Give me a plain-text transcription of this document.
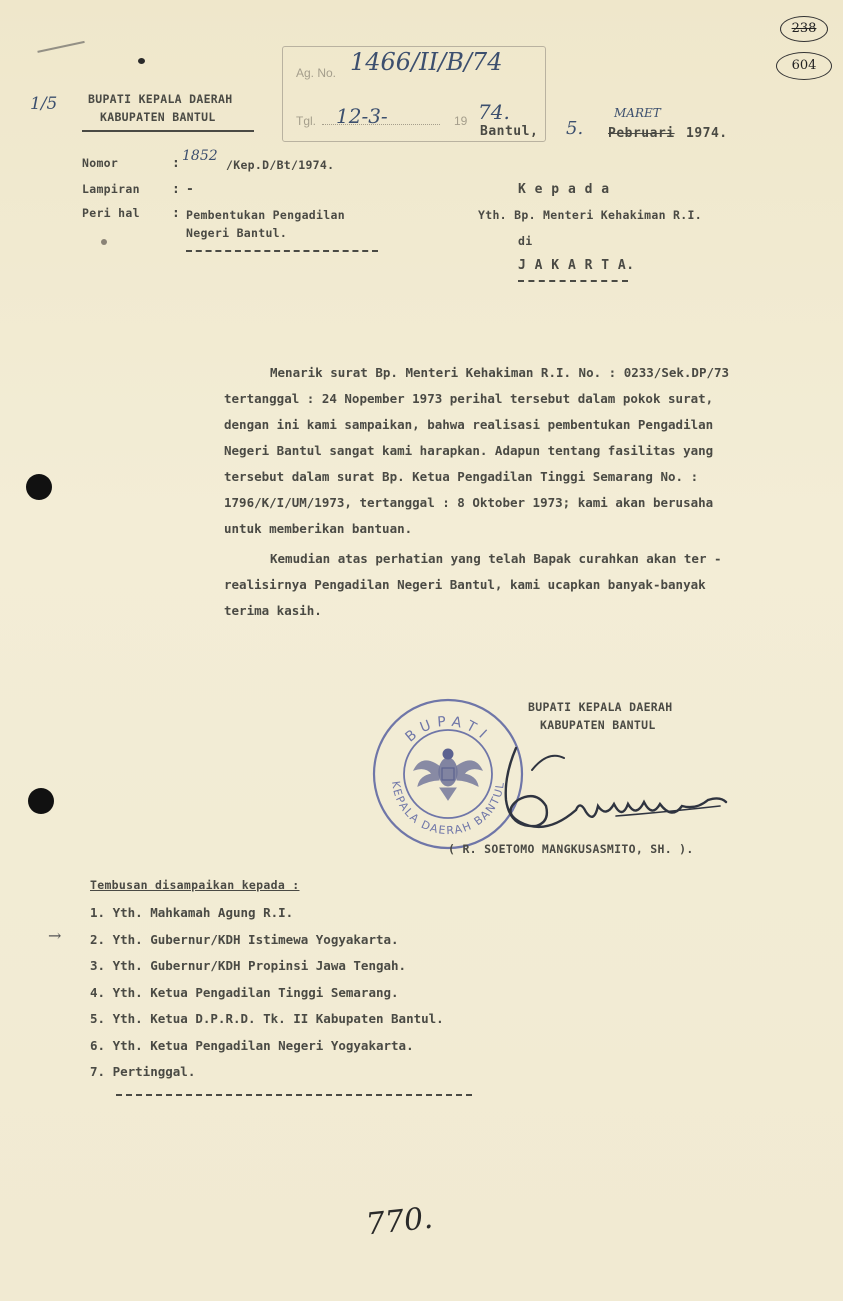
1/5
238
604
BUPATI KEPALA DAERAH
KABUPATEN BANTUL
Ag. No. 1466/II/B/74
Tgl. 12-3-	19 74.
Bantul, 5.
MARET
Pebruari 1974.
Nomor	: 1852
/Kep.D/Bt/1974.
Lampiran : -
Peri hal : Pembentukan Pengadilan
Negeri Bantul.
K e p a d a
Yth. Bp. Menteri Kehakiman R.I.
di
J A K A R T A.

Menarik surat Bp. Menteri Kehakiman R.I. No. : 0233/Sek.DP/73

tertanggal : 24 Nopember 1973 perihal tersebut dalam pokok surat,

dengan ini kami sampaikan, bahwa realisasi pembentukan Pengadilan

Negeri Bantul sangat kami harapkan. Adapun tentang fasilitas yang

tersebut dalam surat Bp. Ketua Pengadilan Tinggi Semarang No. :

1796/K/I/UM/1973, tertanggal : 8 Oktober 1973; kami akan berusaha

untuk memberikan bantuan.

Kemudian atas perhatian yang telah Bapak curahkan akan ter -

realisirnya Pengadilan Negeri Bantul, kami ucapkan banyak-banyak

terima kasih.

BUPATI KEPALA DAERAH
KABUPATEN BANTUL
BUPATI
KEPALA DAERAH BANTUL
( R. SOETOMO MANGKUSASMITO, SH. ).
Tembusan disampaikan kepada :
→
1. Yth. Mahkamah Agung R.I.
2. Yth. Gubernur/KDH Istimewa Yogyakarta.
3. Yth. Gubernur/KDH Propinsi Jawa Tengah.
4. Yth. Ketua Pengadilan Tinggi Semarang.
5. Yth. Ketua D.P.R.D. Tk. II Kabupaten Bantul.
6. Yth. Ketua Pengadilan Negeri Yogyakarta.
7. Pertinggal.
770.
